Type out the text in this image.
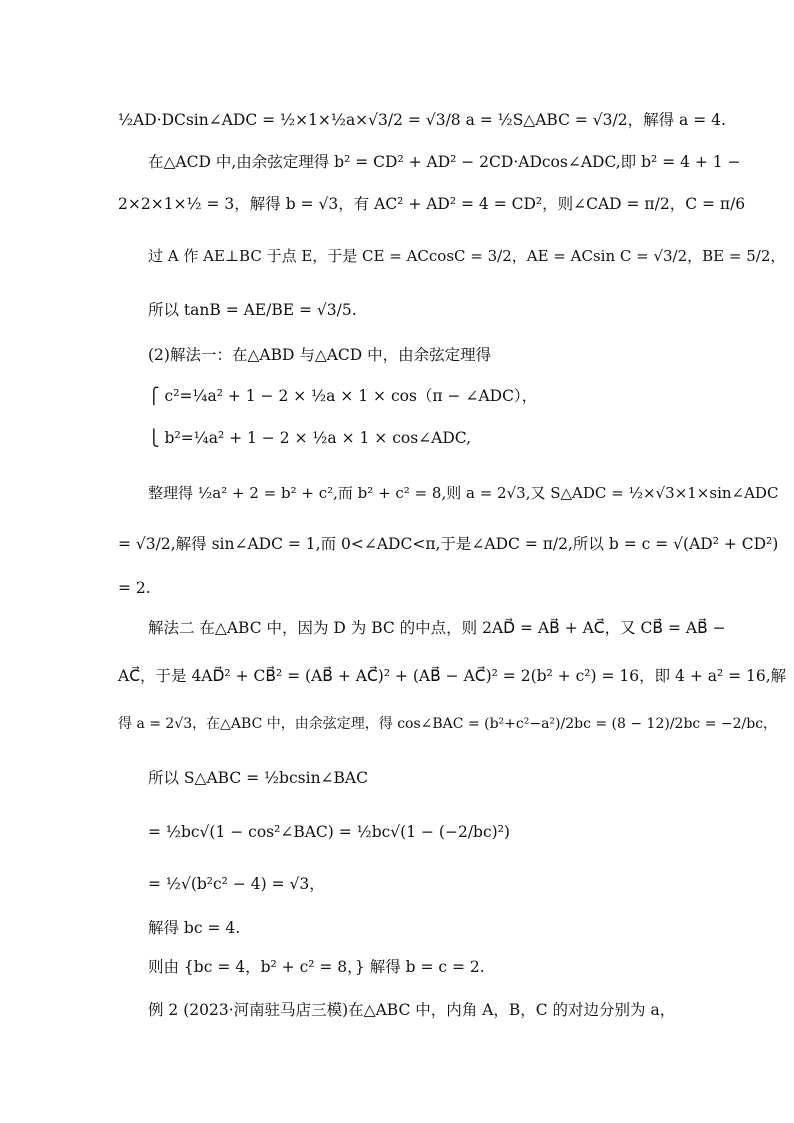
½AD·DCsin∠ADC = ½×1×½a×√3/2 = √3/8 a = ½S△ABC = √3/2，解得 a = 4.
在△ACD 中,由余弦定理得 b² = CD² + AD² − 2CD·ADcos∠ADC,即 b² = 4 + 1 −
2×2×1×½ = 3，解得 b = √3，有 AC² + AD² = 4 = CD²，则∠CAD = π/2，C = π/6
过 A 作 AE⊥BC 于点 E，于是 CE = ACcosC = 3/2，AE = ACsin C = √3/2，BE = 5/2，
所以 tanB = AE/BE = √3/5.
(2)解法一：在△ABD 与△ACD 中，由余弦定理得
⎧ c²=¼a² + 1 − 2 × ½a × 1 × cos（π − ∠ADC），
⎩ b²=¼a² + 1 − 2 × ½a × 1 × cos∠ADC,
整理得 ½a² + 2 = b² + c²,而 b² + c² = 8,则 a = 2√3,又 S△ADC = ½×√3×1×sin∠ADC
= √3/2,解得 sin∠ADC = 1,而 0<∠ADC<π,于是∠ADC = π/2,所以 b = c = √(AD² + CD²)
= 2.
解法二 在△ABC 中，因为 D 为 BC 的中点，则 2AD⃗ = AB⃗ + AC⃗，又 CB⃗ = AB⃗ −
AC⃗，于是 4AD⃗² + CB⃗² = (AB⃗ + AC⃗)² + (AB⃗ − AC⃗)² = 2(b² + c²) = 16，即 4 + a² = 16,解
得 a = 2√3，在△ABC 中，由余弦定理，得 cos∠BAC = (b²+c²−a²)/2bc = (8 − 12)/2bc = −2/bc，
所以 S△ABC = ½bcsin∠BAC
= ½bc√(1 − cos²∠BAC) = ½bc√(1 − (−2/bc)²)
= ½√(b²c² − 4) = √3，
解得 bc = 4.
则由 {bc = 4，b² + c² = 8，} 解得 b = c = 2.
例 2 (2023·河南驻马店三模)在△ABC 中，内角 A，B，C 的对边分别为 a，
